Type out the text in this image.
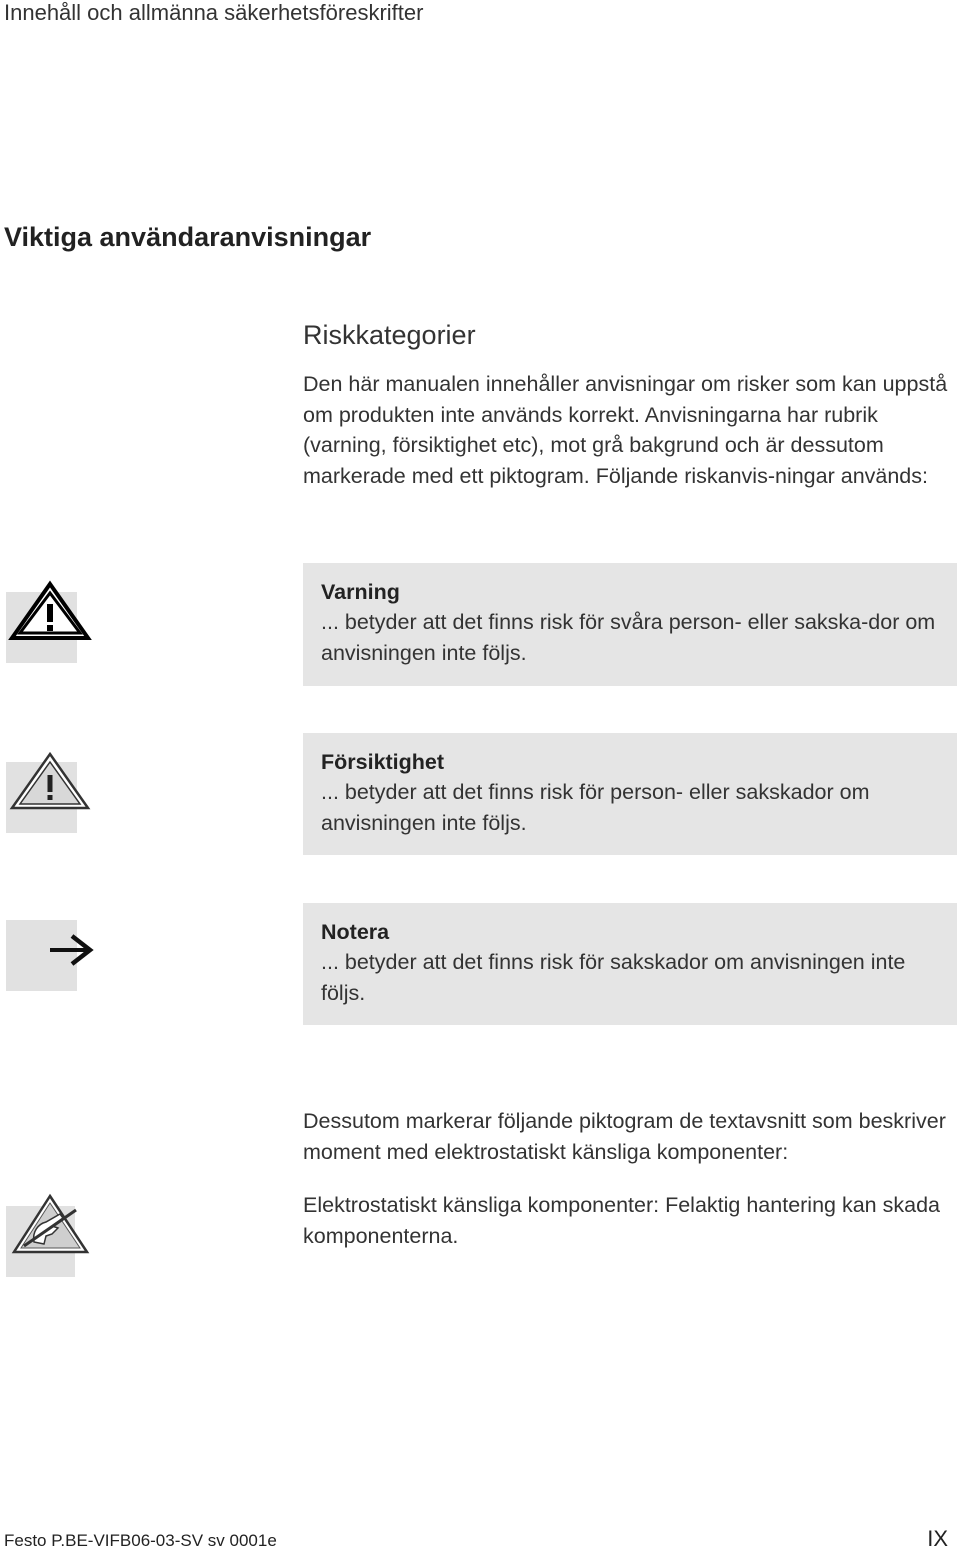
Innehåll och allmänna säkerhetsföreskrifter
Viktiga användaranvisningar
Riskkategorier
Den här manualen innehåller anvisningar om risker som kan uppstå om produkten inte används korrekt. Anvisningarna har rubrik (varning, försiktighet etc), mot grå bakgrund och är dessutom markerade med ett piktogram. Följande riskanvis-ningar används:
Varning
... betyder att det finns risk för svåra person- eller sakska-dor om anvisningen inte följs.
Försiktighet
... betyder att det finns risk för person- eller sakskador om anvisningen inte följs.
Notera
... betyder att det finns risk för sakskador om anvisningen inte följs.
Dessutom markerar följande piktogram de textavsnitt som beskriver moment med elektrostatiskt känsliga komponenter:
Elektrostatiskt känsliga komponenter: Felaktig hantering kan skada komponenterna.
Festo P.BE-VIFB06-03-SV sv 0001e	IX
